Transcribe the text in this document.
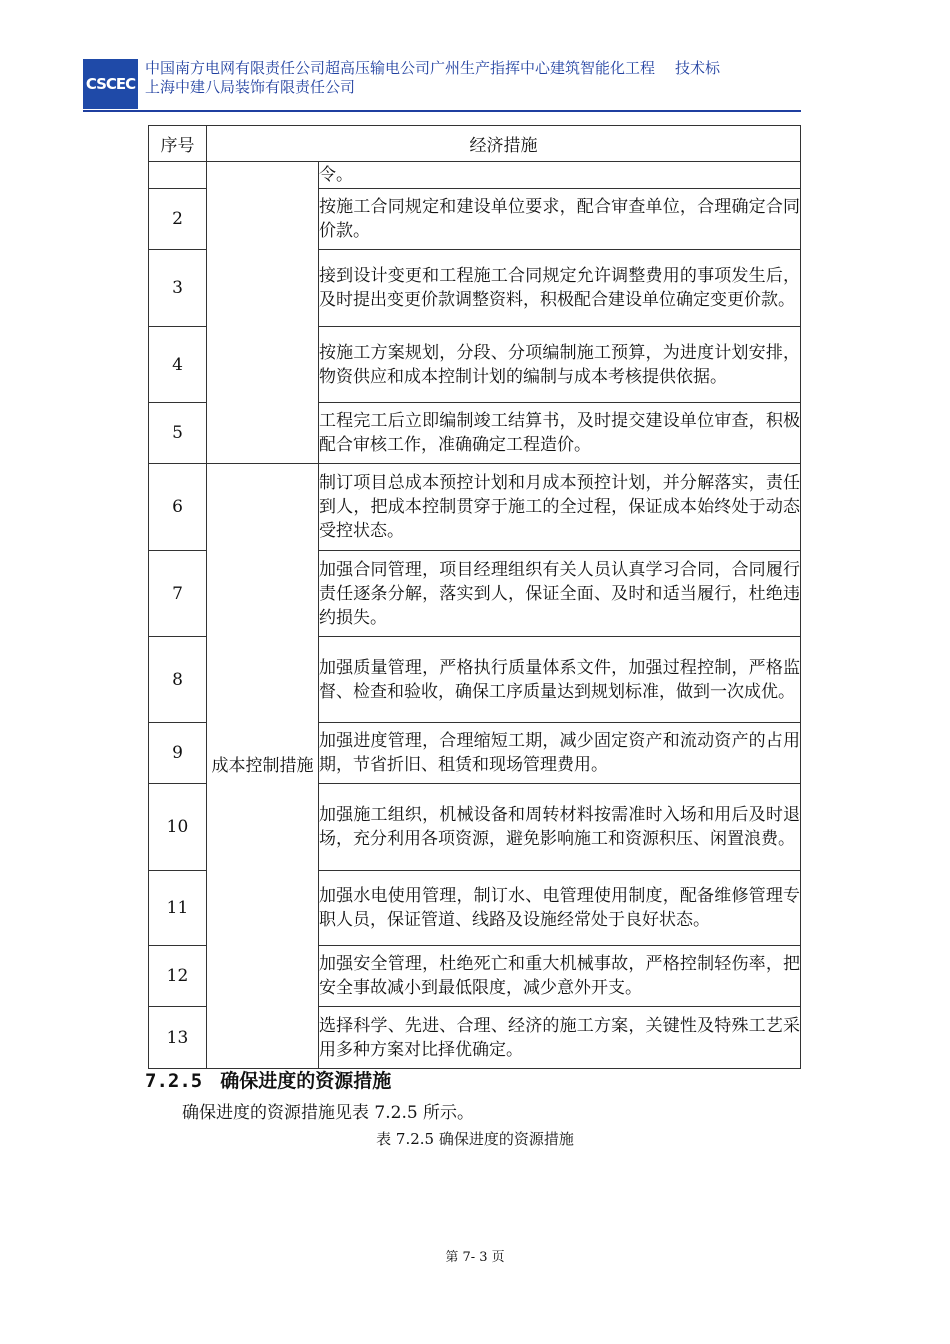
CSCEC
中国南方电网有限责任公司超高压输电公司广州生产指挥中心建筑智能化工程 技术标
上海中建八局装饰有限责任公司
序号	经济措施	
		令。
2		按施工合同规定和建设单位要求，配合审查单位，合理确定合同价款。
3		接到设计变更和工程施工合同规定允许调整费用的事项发生后，及时提出变更价款调整资料，积极配合建设单位确定变更价款。
4		按施工方案规划，分段、分项编制施工预算，为进度计划安排，物资供应和成本控制计划的编制与成本考核提供依据。
5		工程完工后立即编制竣工结算书，及时提交建设单位审查，积极配合审核工作，准确确定工程造价。
6	成本控制措施	制订项目总成本预控计划和月成本预控计划，并分解落实，责任到人，把成本控制贯穿于施工的全过程，保证成本始终处于动态受控状态。
7		加强合同管理，项目经理组织有关人员认真学习合同，合同履行责任逐条分解，落实到人，保证全面、及时和适当履行，杜绝违约损失。
8		加强质量管理，严格执行质量体系文件，加强过程控制，严格监督、检查和验收，确保工序质量达到规划标准，做到一次成优。
9		加强进度管理，合理缩短工期，减少固定资产和流动资产的占用期，节省折旧、租赁和现场管理费用。
10		加强施工组织，机械设备和周转材料按需准时入场和用后及时退场，充分利用各项资源，避免影响施工和资源积压、闲置浪费。
11		加强水电使用管理，制订水、电管理使用制度，配备维修管理专职人员，保证管道、线路及设施经常处于良好状态。
12		加强安全管理，杜绝死亡和重大机械事故，严格控制轻伤率，把安全事故减小到最低限度，减少意外开支。
13		选择科学、先进、合理、经济的施工方案，关键性及特殊工艺采用多种方案对比择优确定。
7.2.5 确保进度的资源措施
确保进度的资源措施见表 7.2.5 所示。
表 7.2.5 确保进度的资源措施
第 7- 3 页
